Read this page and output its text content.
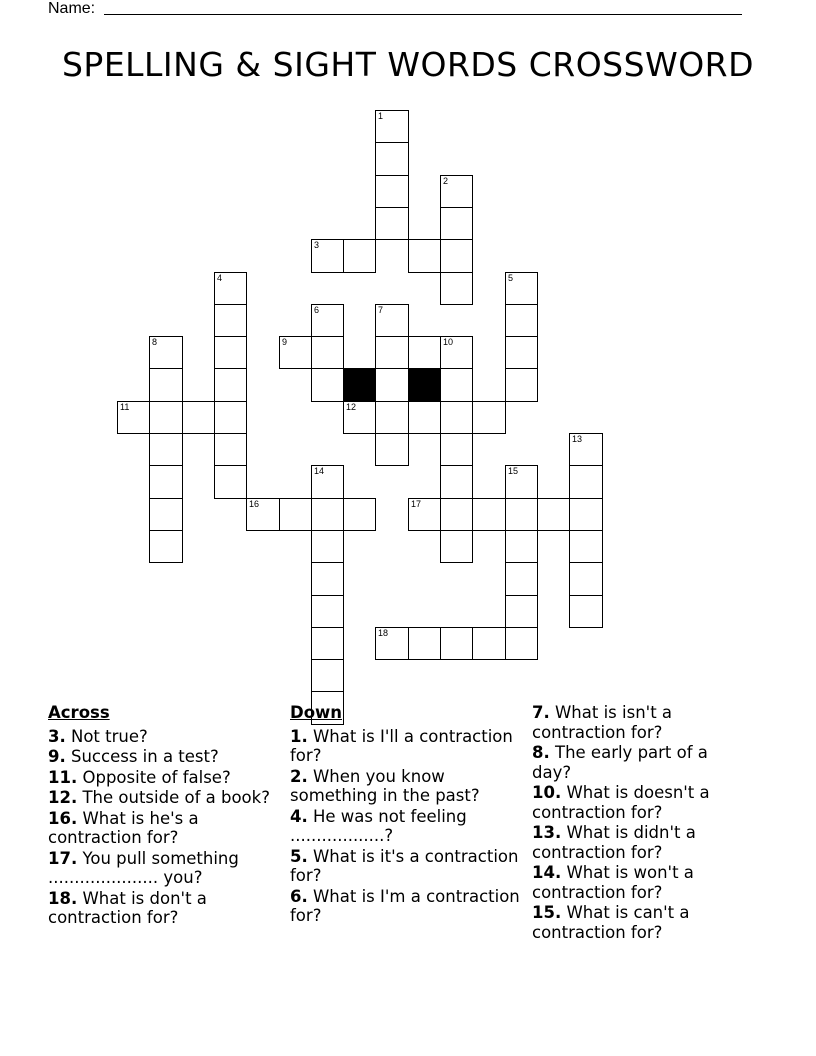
Name:
SPELLING & SIGHT WORDS CROSSWORD
1
2
3
4	5
6	7
8	9	10
11	12
13
14	15
16	17
18
Across
3. Not true?
9. Success in a test?
11. Opposite of false?
12. The outside of a book?
16. What is he's a contraction for?
17. You pull something ..................... you?
18. What is don't a contraction for?
Down
1. What is I'll a contraction for?
2. When you know something in the past?
4. He was not feeling ..................?
5. What is it's a contraction for?
6. What is I'm a contraction for?
7. What is isn't a contraction for?
8. The early part of a day?
10. What is doesn't a contraction for?
13. What is didn't a contraction for?
14. What is won't a contraction for?
15. What is can't a contraction for?
